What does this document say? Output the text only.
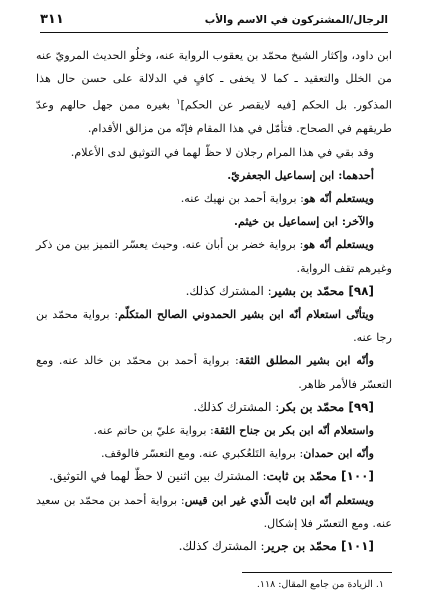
الرجال/المشتركون في الاسم والأب
٣١١

ابن داود، وإكثار الشيخ محمّد بن يعقوب الرواية عنه، وخلُو الحديث المرويّ عنه من الخلل والتعقيد ـ كما لا يخفى ـ كافٍ في الدلالة على حسن حال هذا المذكور. بل الحكم [فيه لايقصر عن الحكم]$^١$ بغيره ممن جهل حالهم وعدّ طريقهم في الصحاح. فتأمّل في هذا المقام فإنّه من مزالق الأقدام.

وقد بقي في هذا المرام رجلان لا حظّ لهما في التوثيق لدى الأعلام.

أحدهما: ابن إسماعيل الجعفريّ.

ويستعلم أنّه هو: برواية أحمد بن نهيك عنه.

والآخر: ابن إسماعيل بن خيثم.

ويستعلم أنّه هو: برواية خضر بن أبان عنه. وحيث يعسّر التميز بين من ذكر وغيرهم تقف الرواية.

[٩٨] محمّد بن بشير: المشترك كذلك.

ويتأتّى استعلام أنّه ابن بشير الحمدوني الصالح المتكلّم: برواية محمّد بن رجا عنه.

وأنّه ابن بشير المطلق الثقة: برواية أحمد بن محمّد بن خالد عنه. ومع التعسّر فالأمر ظاهر.

[٩٩] محمّد بن بكر: المشترك كذلك.

واستعلام أنّه ابن بكر بن جناح الثقة: برواية عليّ بن حاتم عنه.

وأنّه ابن حمدان: برواية التَلعُكبري عنه. ومع التعسّر فالوقف.

[١٠٠] محمّد بن ثابت: المشترك بين اثنين لا حظّ لهما في التوثيق.

ويستعلم أنّه ابن ثابت الّذي غير ابن قيس: برواية أحمد بن محمّد بن سعيد عنه. ومع التعسّر فلا إشكال.

[١٠١] محمّد بن جرير: المشترك كذلك.

١. الزيادة من جامع المقال: ١١٨.
